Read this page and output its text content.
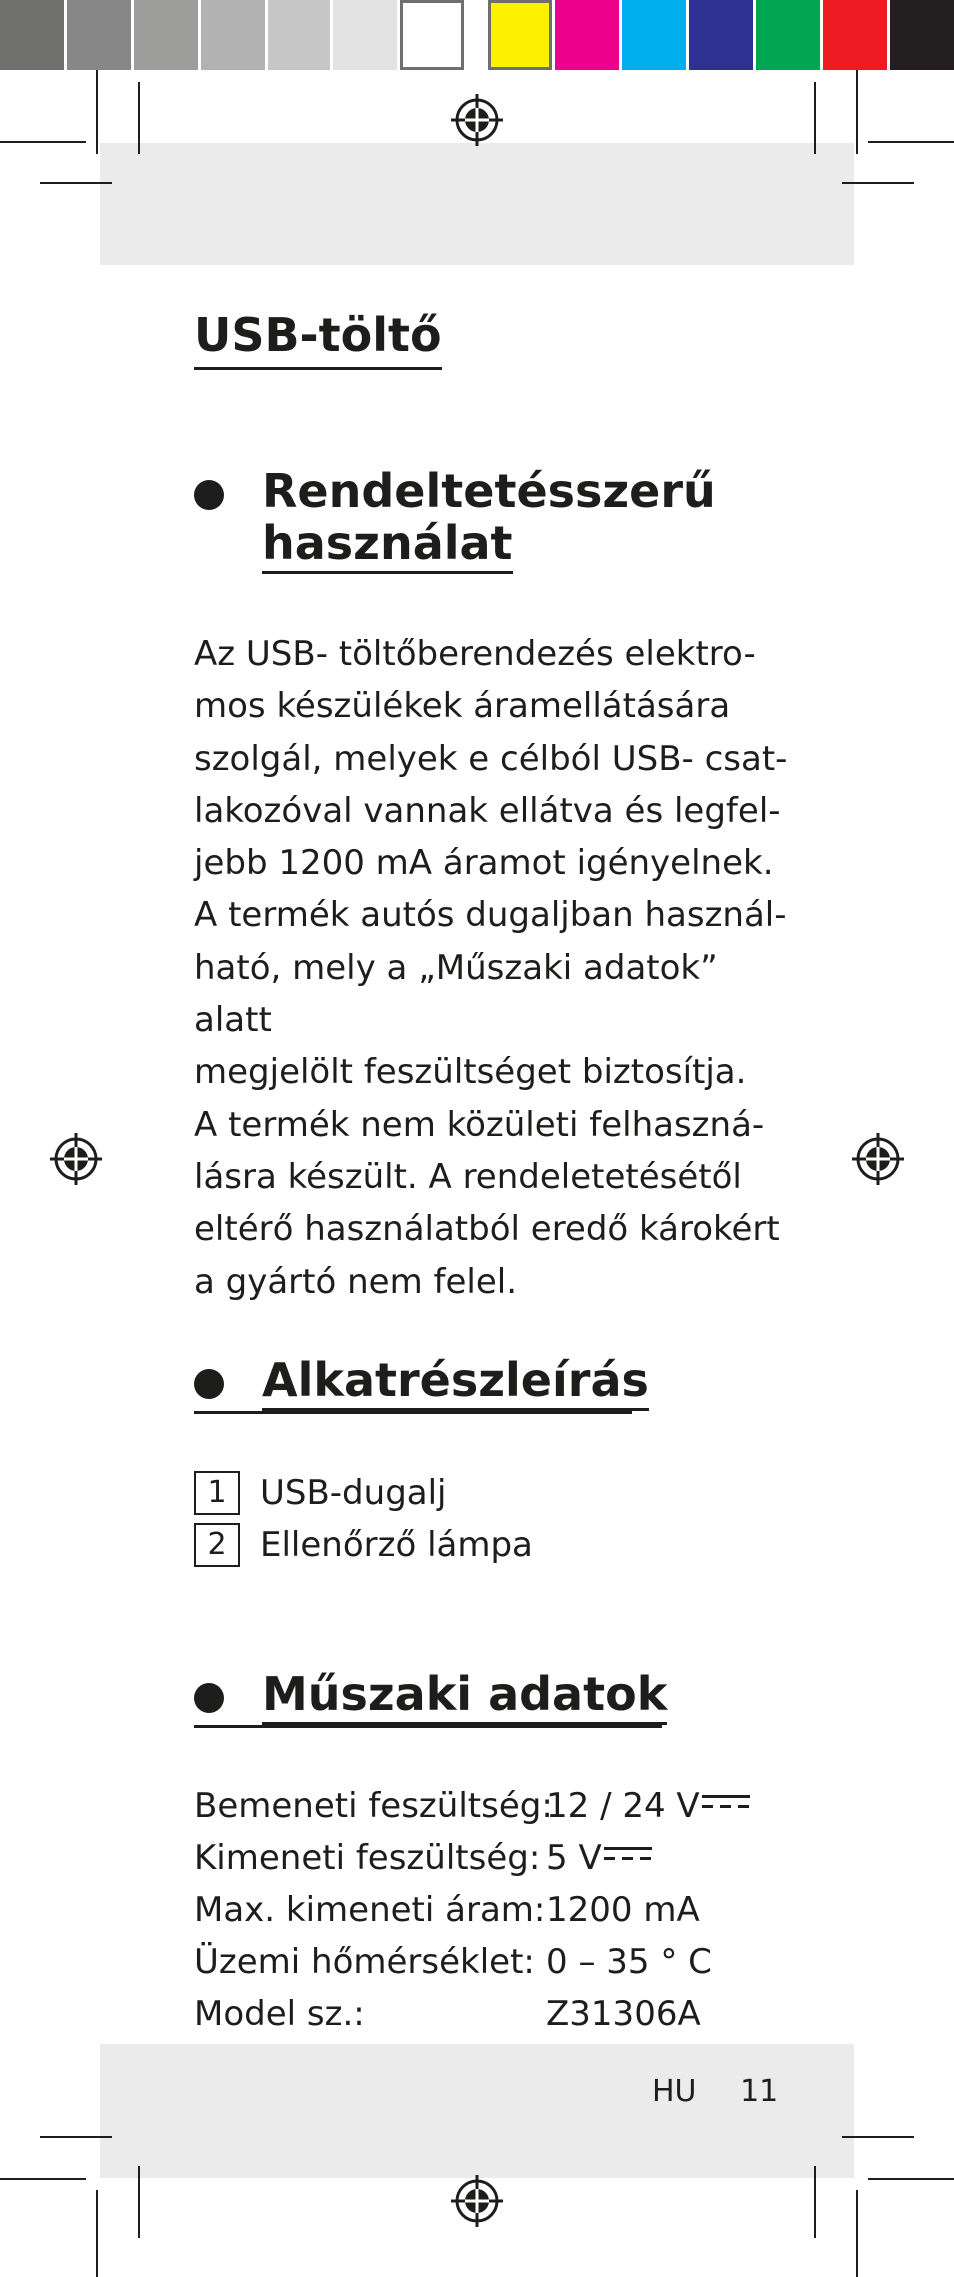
USB-töltő
Rendeltetésszerű
használat

Az USB- töltőberendezés elektro-
mos készülékek áramellátására
szolgál, melyek e célból USB- csat-
lakozóval vannak ellátva és legfel-
jebb 1200 mA áramot igényelnek.
A termék autós dugaljban használ-
ható, mely a „Műszaki adatok” alatt
megjelölt feszültséget biztosítja.
A termék nem közületi felhaszná-
lásra készült. A rendeletetésétől
eltérő használatból eredő károkért
a gyártó nem felel.

Alkatrészleírás
1 USB-dugalj
2 Ellenőrző lámpa
Műszaki adatok
Bemeneti feszültség:
12 / 24 V
Kimeneti feszültség: 5 V
Max. kimeneti áram: 1200 mA
Üzemi hőmérséklet: 0 – 35 ° C
Model sz.:	Z31306A
HU 11
